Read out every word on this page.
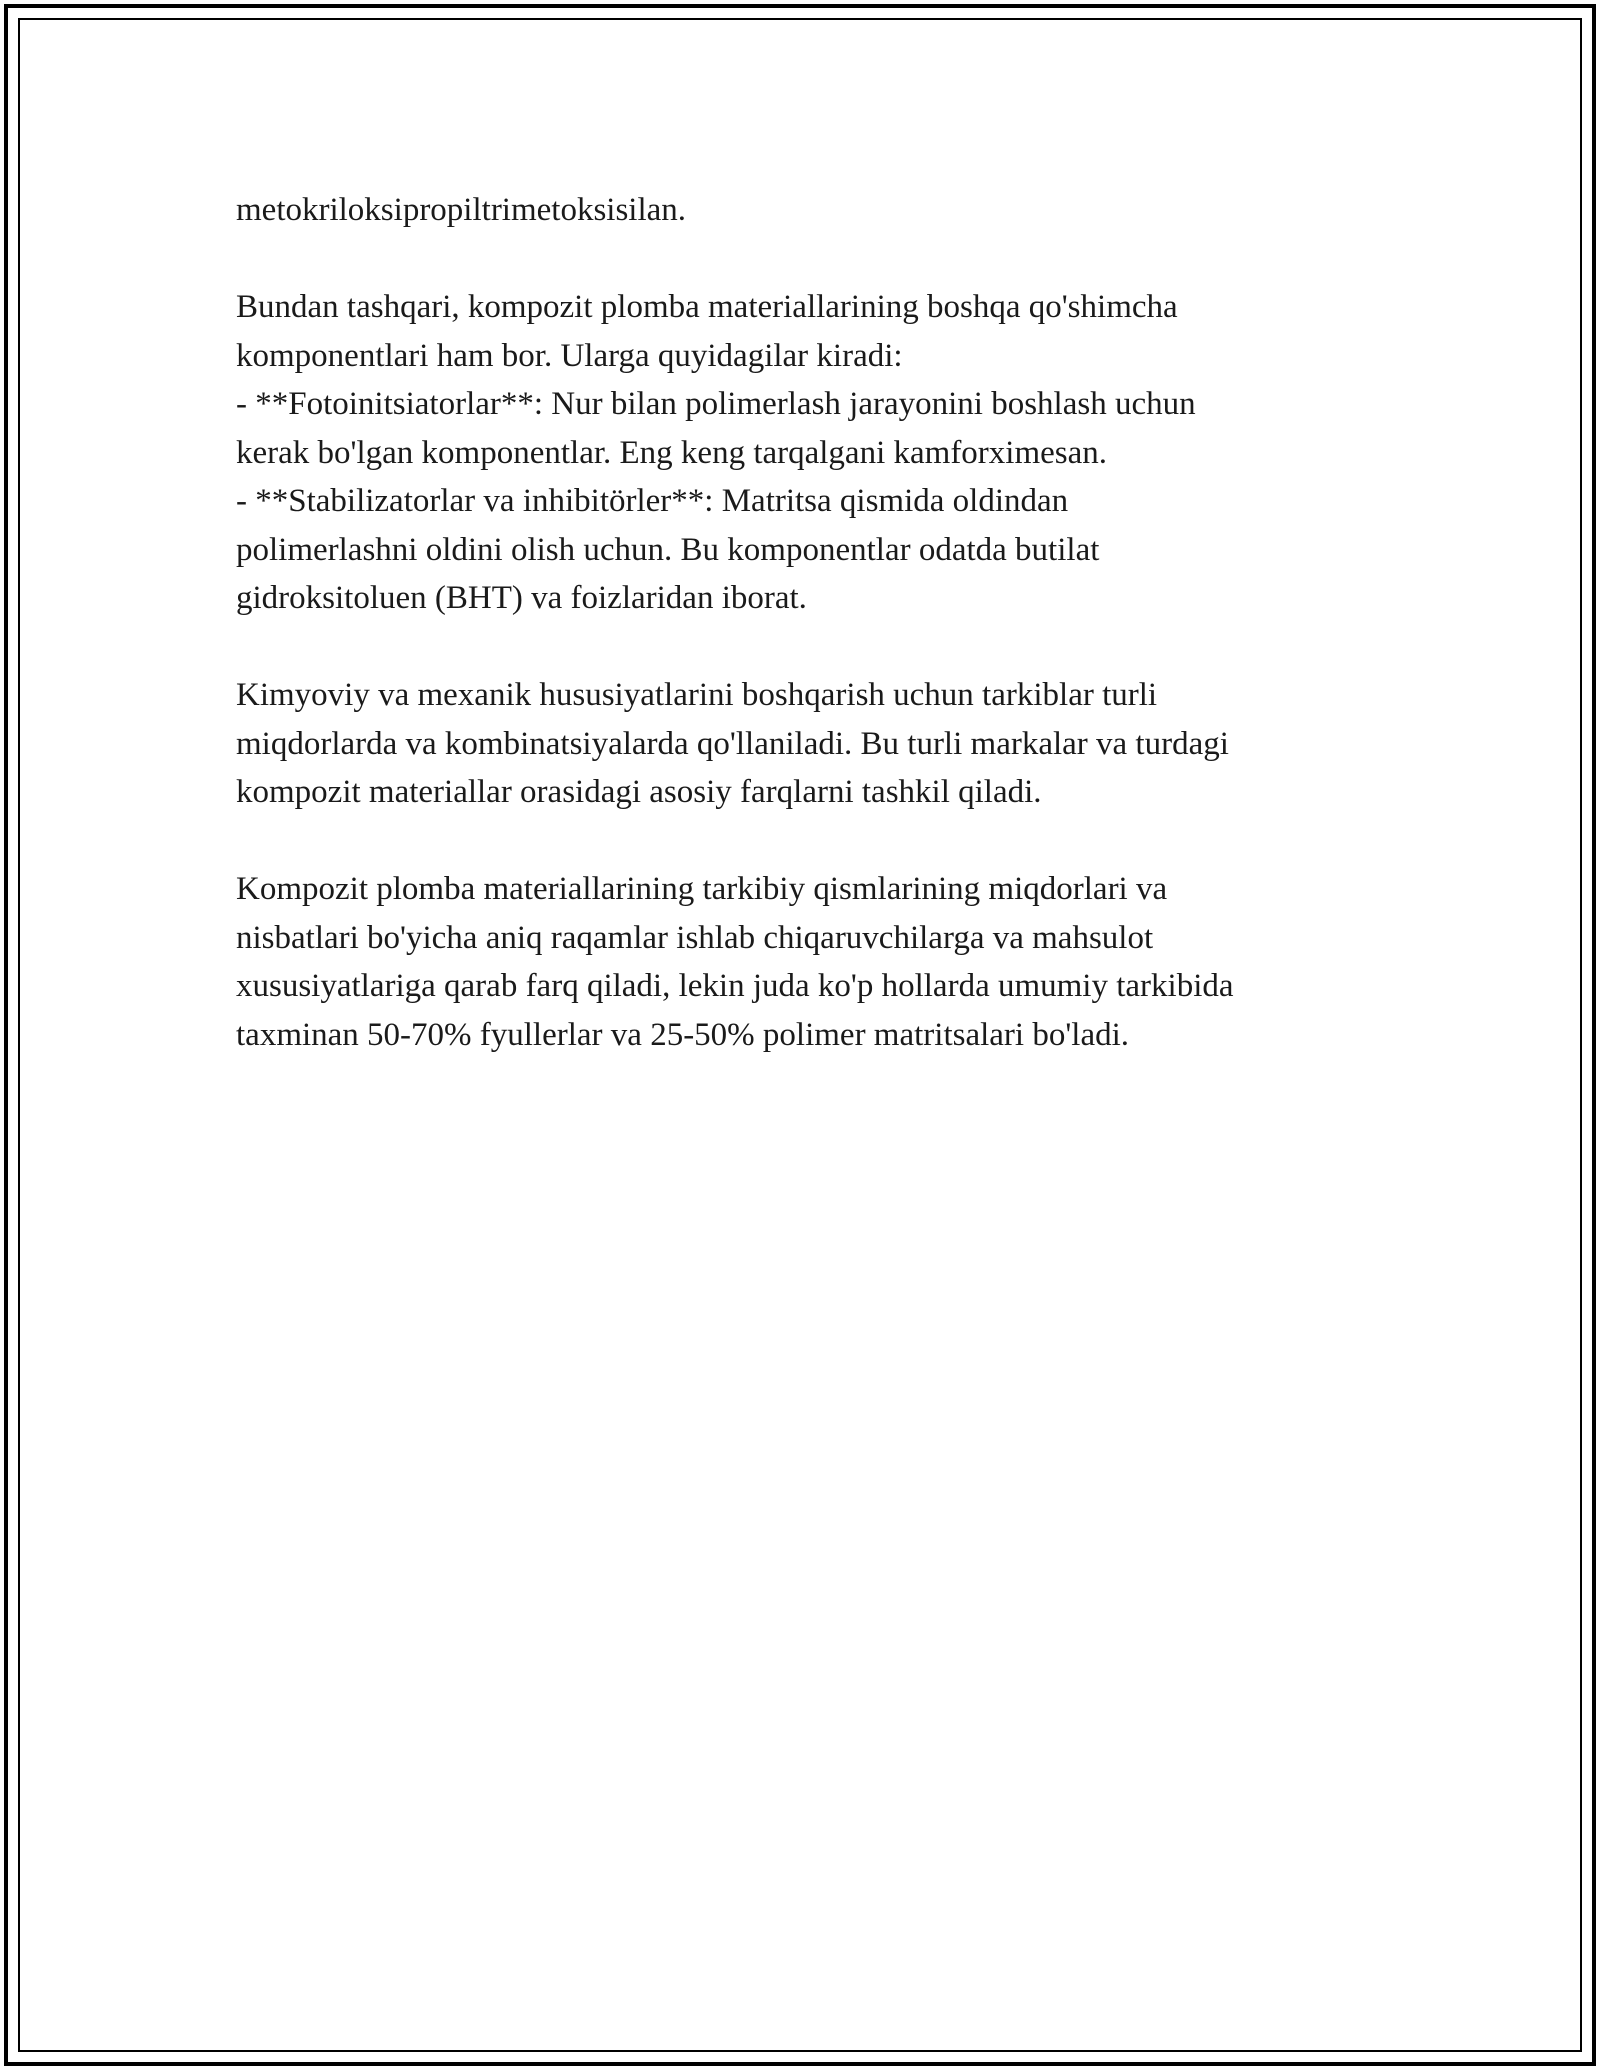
metokriloksipropiltrimetoksisilan.

Bundan tashqari, kompozit plomba materiallarining boshqa qo'shimcha
komponentlari ham bor. Ularga quyidagilar kiradi:
- **Fotoinitsiatorlar**: Nur bilan polimerlash jarayonini boshlash uchun
kerak bo'lgan komponentlar. Eng keng tarqalgani kamforximesan.
- **Stabilizatorlar va inhibitörler**: Matritsa qismida oldindan
polimerlashni oldini olish uchun. Bu komponentlar odatda butilat
gidroksitoluen (BHT) va foizlaridan iborat.

Kimyoviy va mexanik hususiyatlarini boshqarish uchun tarkiblar turli
miqdorlarda va kombinatsiyalarda qo'llaniladi. Bu turli markalar va turdagi
kompozit materiallar orasidagi asosiy farqlarni tashkil qiladi.

Kompozit plomba materiallarining tarkibiy qismlarining miqdorlari va
nisbatlari bo'yicha aniq raqamlar ishlab chiqaruvchilarga va mahsulot
xususiyatlariga qarab farq qiladi, lekin juda ko'p hollarda umumiy tarkibida
taxminan 50-70% fyullerlar va 25-50% polimer matritsalari bo'ladi.
